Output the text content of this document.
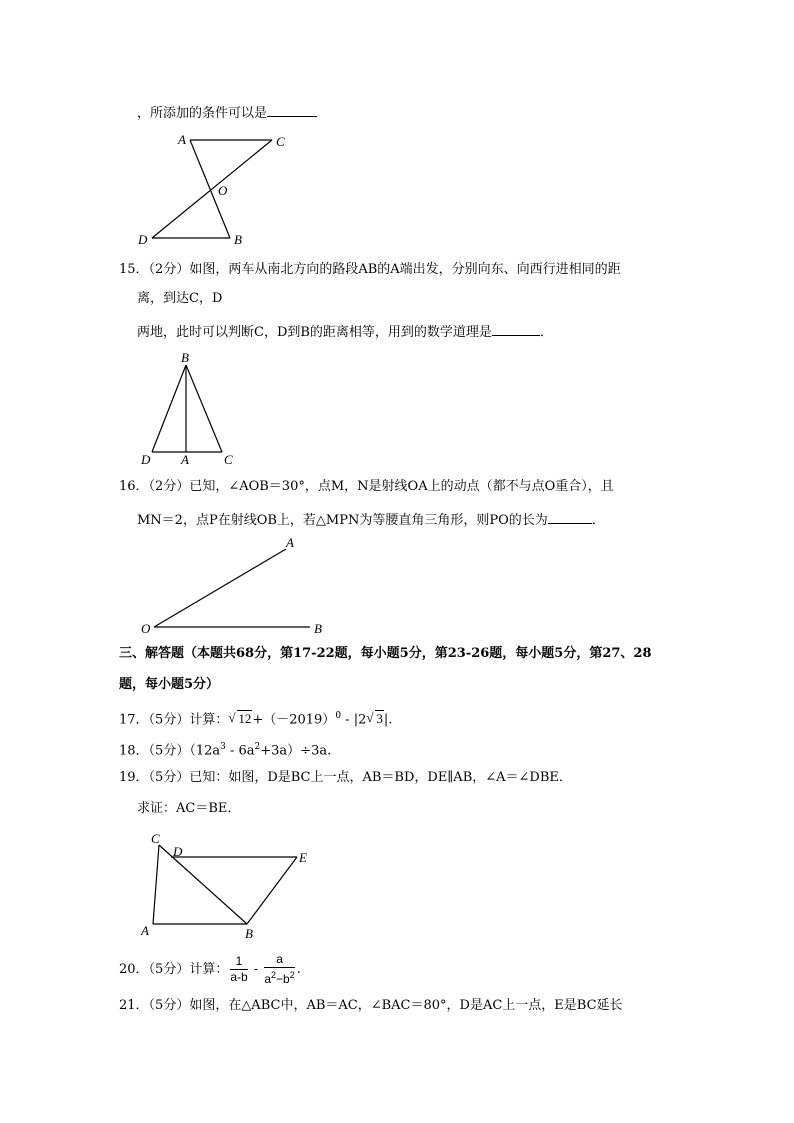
，所添加的条件可以是
A	C
O
D	B
15．（2分）如图，两车从南北方向的路段AB的A端出发，分别向东、向西行进相同的距
离，到达C，D
两地，此时可以判断C，D到B的距离相等，用到的数学道理是	．
B
D A	C
16．（2分）已知，∠AOB＝30°，点M，N是射线OA上的动点（都不与点O重合），且
MN＝2，点P在射线OB上，若△MPN为等腰直角三角形，则PO的长为	．
A
O	B
三、解答题（本题共68分，第17-22题，每小题5分，第23-26题，每小题5分，第27、28
题，每小题5分）
17．（5分）计算： √ $12+(-2019)^0 - |2$ √ 3|.
18．（5分）$(12a^3 - 6a^2+3a)\div 3a$.
19．（5分）已知：如图，D是BC上一点，AB＝BD，DE∥AB，∠A＝∠DBE．
求证：AC＝BE．
C
D	E
A	B
20．（5分）计算： $\frac{1}{a-b} - \frac{a}{a^2-b^2}$ .
21．（5分）如图，在△ABC中，AB＝AC，∠BAC＝80°，D是AC上一点，E是BC延长
